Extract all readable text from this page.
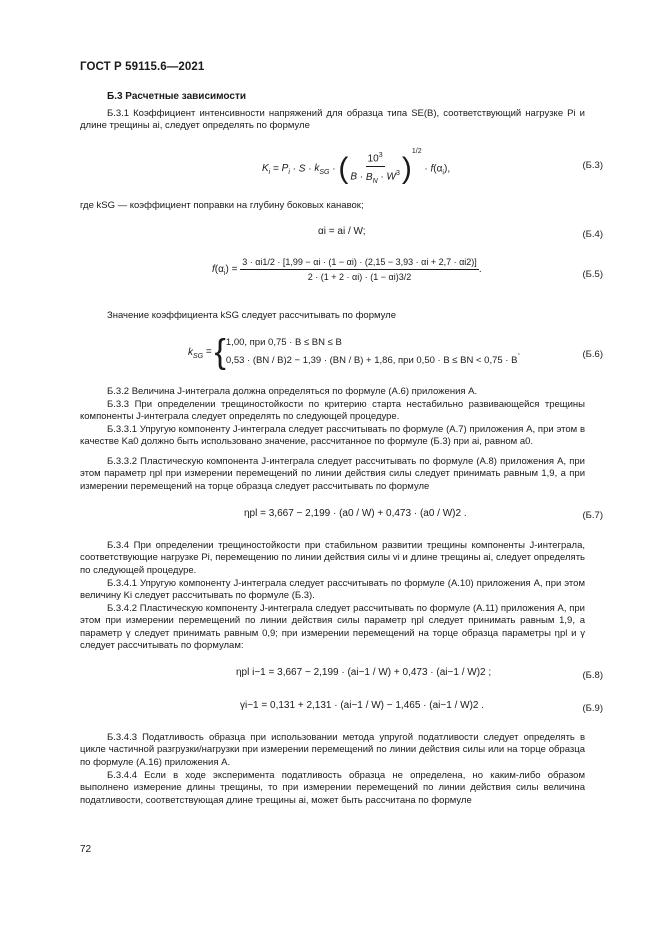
ГОСТ Р 59115.6—2021
Б.3 Расчетные зависимости
Б.3.1 Коэффициент интенсивности напряжений для образца типа SE(B), соответствующий нагрузке Pi и длине трещины ai, следует определять по формуле
$K_i = P_i \cdot S \cdot k_{SG}$ · ( $\frac{10^3}{B \cdot B_N \cdot W^3} )^{1/2} \cdot f(\alpha_i)$,	(Б.3)
где kSG — коэффициент поправки на глубину боковых канавок;
αi = ai / W;	(Б.4)
$f(\alpha_i)$ =
3 · αi1/2 · [1,99 − αi · (1 − αi) · (2,15 − 3,93 · αi + 2,7 · αi2)]
2 · (1 + 2 · αi) · (1 − αi)3/2
.	(Б.5)
Значение коэффициента kSG следует рассчитывать по формуле
$k_{SG}$ = { 1,00, при 0,75 · B ≤ BN ≤ B
0,53 · (BN / B)2 − 1,39 · (BN / B) + 1,86, при 0,50 · B ≤ BN < 0,75 · B
.	(Б.6)
Б.3.2 Величина J-интеграла должна определяться по формуле (А.6) приложения А.
Б.3.3 При определении трещиностойкости по критерию старта нестабильно развивающейся трещины компоненты J-интеграла следует определять по следующей процедуре.
Б.3.3.1 Упругую компоненту J-интеграла следует рассчитывать по формуле (А.7) приложения А, при этом в качестве Ka0 должно быть использовано значение, рассчитанное по формуле (Б.3) при ai, равном a0.
Б.3.3.2 Пластическую компонента J-интеграла следует рассчитывать по формуле (А.8) приложения А, при этом параметр ηpl при измерении перемещений по линии действия силы следует принимать равным 1,9, а при измерении перемещений на торце образца следует рассчитывать по формуле
ηpl = 3,667 − 2,199 · (a0 / W) + 0,473 · (a0 / W)2 .	(Б.7)
Б.3.4 При определении трещиностойкости при стабильном развитии трещины компоненты J-интеграла, соответствующие нагрузке Pi, перемещению по линии действия силы vi и длине трещины ai, следует определять по следующей процедуре.
Б.3.4.1 Упругую компоненту J-интеграла следует рассчитывать по формуле (А.10) приложения А, при этом величину Ki следует рассчитывать по формуле (Б.3).
Б.3.4.2 Пластическую компоненту J-интеграла следует рассчитывать по формуле (А.11) приложения А, при этом при измерении перемещений по линии действия силы параметр ηpl следует принимать равным 1,9, а параметр γ следует принимать равным 0,9; при измерении перемещений на торце образца параметры ηpl и γ следует рассчитывать по формулам:
ηpl i−1 = 3,667 − 2,199 · (ai−1 / W) + 0,473 · (ai−1 / W)2 ;	(Б.8)
γi−1 = 0,131 + 2,131 · (ai−1 / W) − 1,465 · (ai−1 / W)2 .	(Б.9)
Б.3.4.3 Податливость образца при использовании метода упругой податливости следует определять в цикле частичной разгрузки/нагрузки при измерении перемещений по линии действия силы или на торце образца по формуле (А.16) приложения А.
Б.3.4.4 Если в ходе эксперимента податливость образца не определена, но каким-либо образом выполнено измерение длины трещины, то при измерении перемещений по линии действия силы величина податливости, соответствующая длине трещины ai, может быть рассчитана по формуле
72
